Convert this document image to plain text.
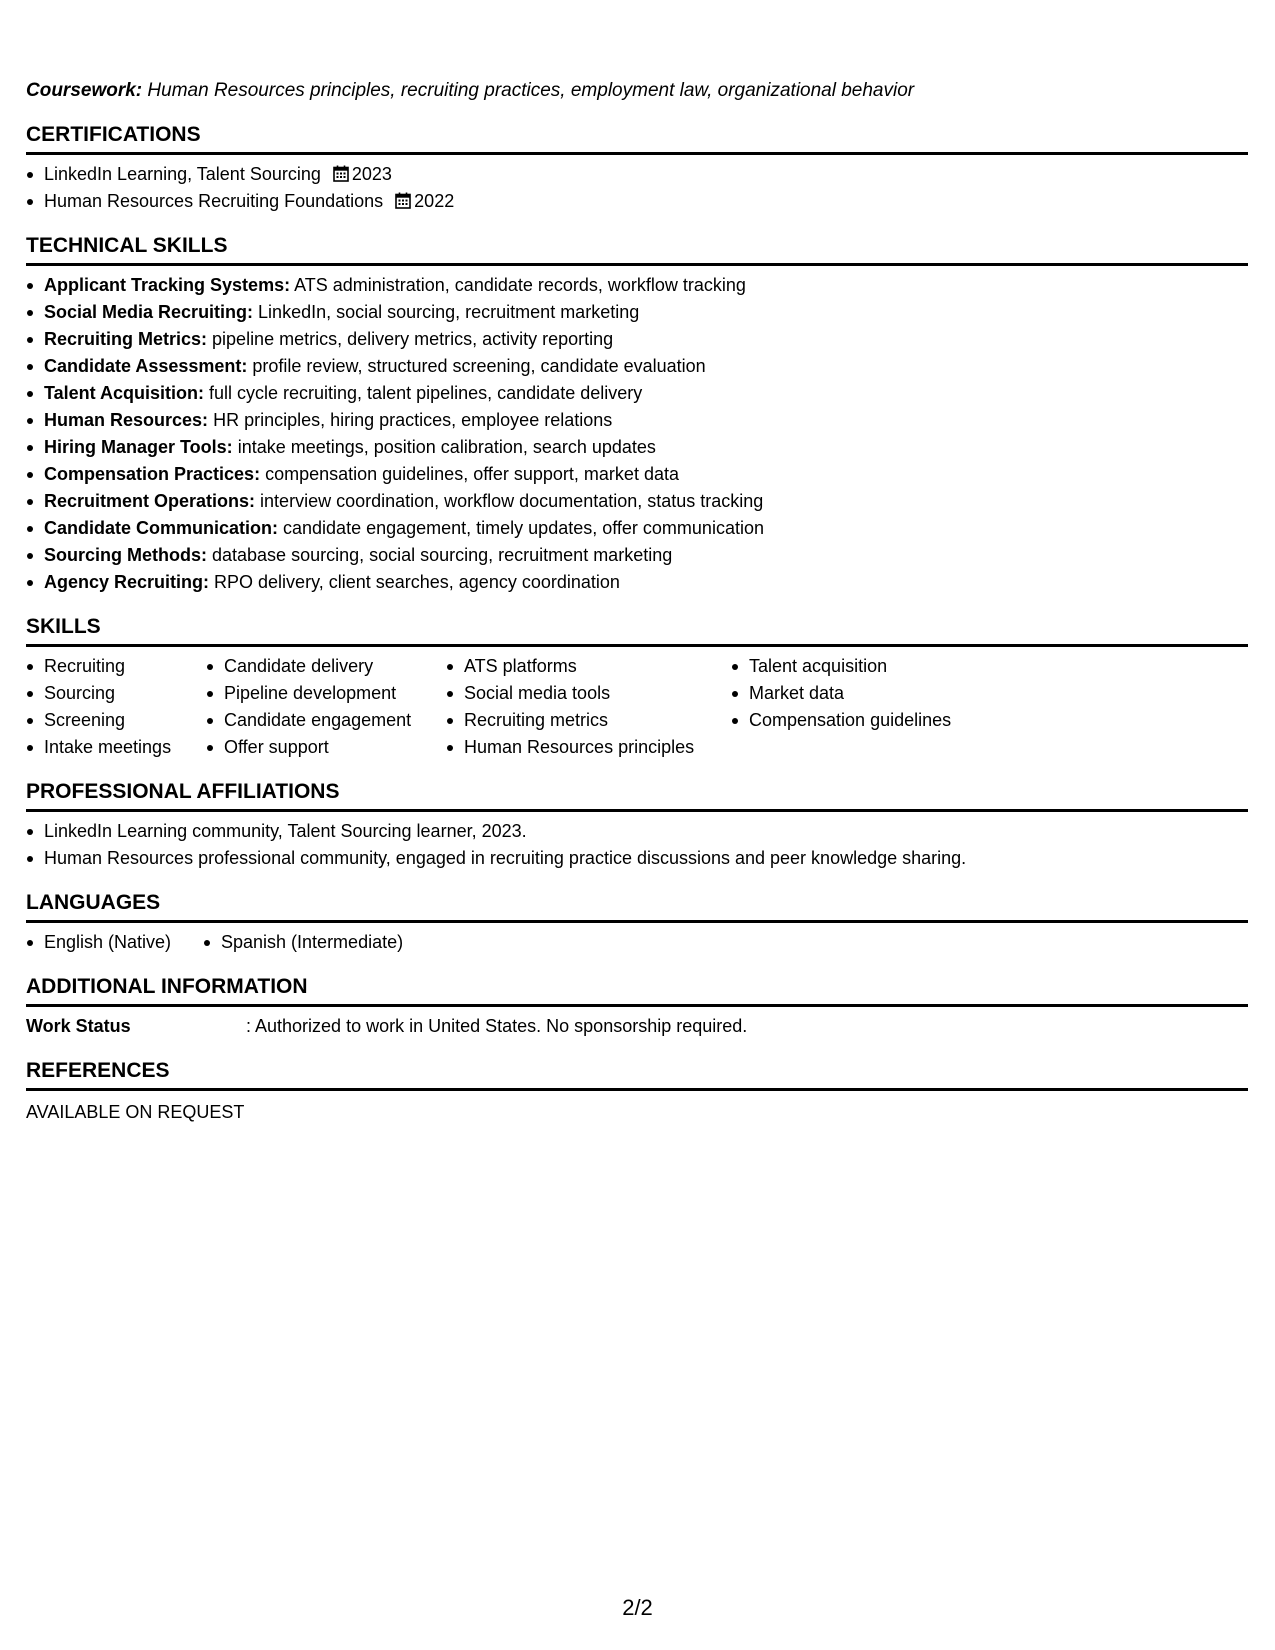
Coursework: Human Resources principles, recruiting practices, employment law, organizational behavior

CERTIFICATIONS
LinkedIn Learning, Talent Sourcing 2023
Human Resources Recruiting Foundations 2022
TECHNICAL SKILLS
Applicant Tracking Systems: ATS administration, candidate records, workflow tracking
Social Media Recruiting: LinkedIn, social sourcing, recruitment marketing
Recruiting Metrics: pipeline metrics, delivery metrics, activity reporting
Candidate Assessment: profile review, structured screening, candidate evaluation
Talent Acquisition: full cycle recruiting, talent pipelines, candidate delivery
Human Resources: HR principles, hiring practices, employee relations
Hiring Manager Tools: intake meetings, position calibration, search updates
Compensation Practices: compensation guidelines, offer support, market data
Recruitment Operations: interview coordination, workflow documentation, status tracking
Candidate Communication: candidate engagement, timely updates, offer communication
Sourcing Methods: database sourcing, social sourcing, recruitment marketing
Agency Recruiting: RPO delivery, client searches, agency coordination
SKILLS
Recruiting
Sourcing
Screening
Intake meetings
Candidate delivery
Pipeline development
Candidate engagement
Offer support
ATS platforms
Social media tools
Recruiting metrics
Human Resources principles
Talent acquisition
Market data
Compensation guidelines
PROFESSIONAL AFFILIATIONS
LinkedIn Learning community, Talent Sourcing learner, 2023.
Human Resources professional community, engaged in recruiting practice discussions and peer knowledge sharing.
LANGUAGES
English (Native)	Spanish (Intermediate)
ADDITIONAL INFORMATION
Work Status	: Authorized to work in United States. No sponsorship required.
REFERENCES
AVAILABLE ON REQUEST
2/2
